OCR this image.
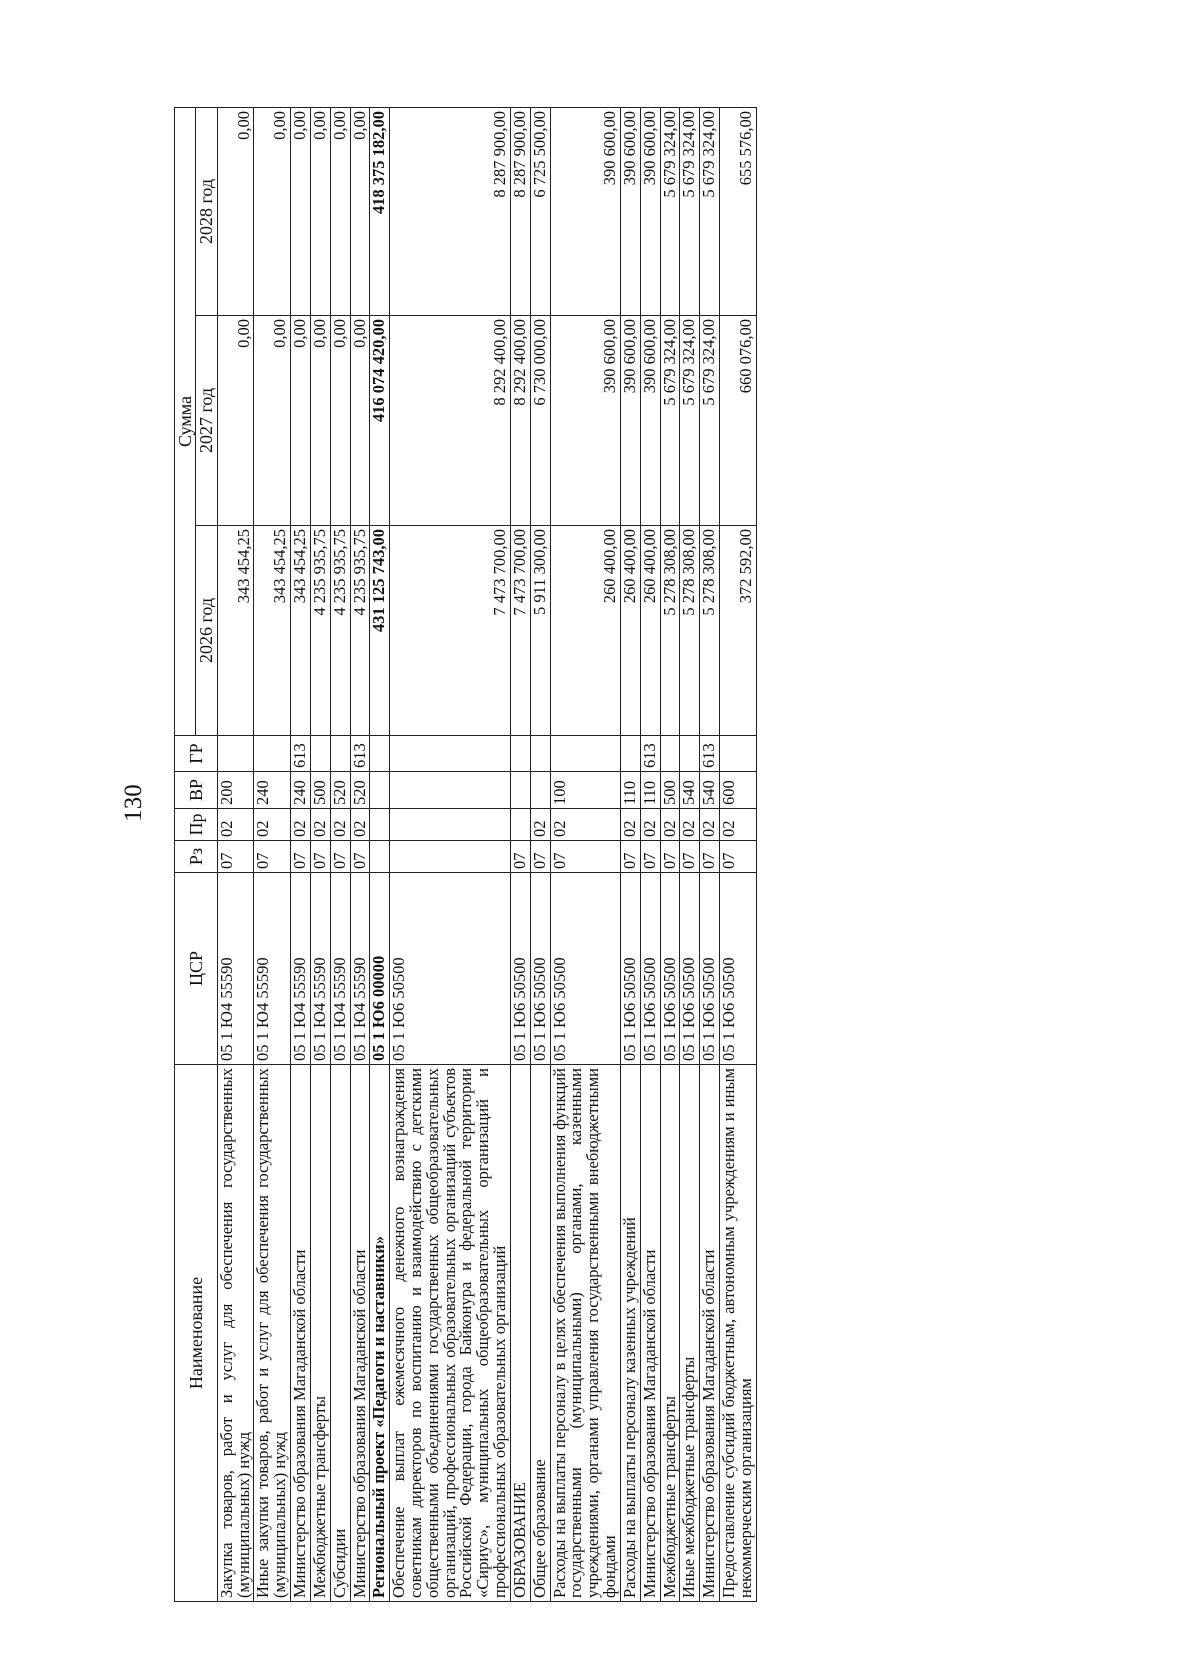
130
Наименование	ЦСР	Рз	Пр	ВР	ГР	Сумма		
						2026 год	2027 год	2028 год
Закупка товаров, работ и услуг для обеспечения государственных (муниципальных) нужд	05 1 Ю4 55590	07	02	200		343 454,25	0,00	0,00
Иные закупки товаров, работ и услуг для обеспечения государственных (муниципальных) нужд	05 1 Ю4 55590	07	02	240		343 454,25	0,00	0,00
Министерство образования Магаданской области	05 1 Ю4 55590	07	02	240	613	343 454,25	0,00	0,00
Межбюджетные трансферты	05 1 Ю4 55590	07	02	500		4 235 935,75	0,00	0,00
Субсидии	05 1 Ю4 55590	07	02	520		4 235 935,75	0,00	0,00
Министерство образования Магаданской области	05 1 Ю4 55590	07	02	520	613	4 235 935,75	0,00	0,00
Региональный проект «Педагоги и наставники»	05 1 Ю6 00000					431 125 743,00	416 074 420,00	418 375 182,00
Обеспечение выплат ежемесячного денежного вознаграждения советникам директоров по воспитанию и взаимодействию с детскими общественными объединениями государственных общеобразовательных организаций, профессиональных образовательных организаций субъектов Российской Федерации, города Байконура и федеральной территории «Сириус», муниципальных общеобразовательных организаций и профессиональных образовательных организаций	05 1 Ю6 50500					7 473 700,00	8 292 400,00	8 287 900,00
ОБРАЗОВАНИЕ	05 1 Ю6 50500	07				7 473 700,00	8 292 400,00	8 287 900,00
Общее образование	05 1 Ю6 50500	07	02			5 911 300,00	6 730 000,00	6 725 500,00
Расходы на выплаты персоналу в целях обеспечения выполнения функций государственными (муниципальными) органами, казенными учреждениями, органами управления государственными внебюджетными фондами	05 1 Ю6 50500	07	02	100		260 400,00	390 600,00	390 600,00
Расходы на выплаты персоналу казенных учреждений	05 1 Ю6 50500	07	02	110		260 400,00	390 600,00	390 600,00
Министерство образования Магаданской области	05 1 Ю6 50500	07	02	110	613	260 400,00	390 600,00	390 600,00
Межбюджетные трансферты	05 1 Ю6 50500	07	02	500		5 278 308,00	5 679 324,00	5 679 324,00
Иные межбюджетные трансферты	05 1 Ю6 50500	07	02	540		5 278 308,00	5 679 324,00	5 679 324,00
Министерство образования Магаданской области	05 1 Ю6 50500	07	02	540	613	5 278 308,00	5 679 324,00	5 679 324,00
Предоставление субсидий бюджетным, автономным учреждениям и иным некоммерческим организациям	05 1 Ю6 50500	07	02	600		372 592,00	660 076,00	655 576,00
